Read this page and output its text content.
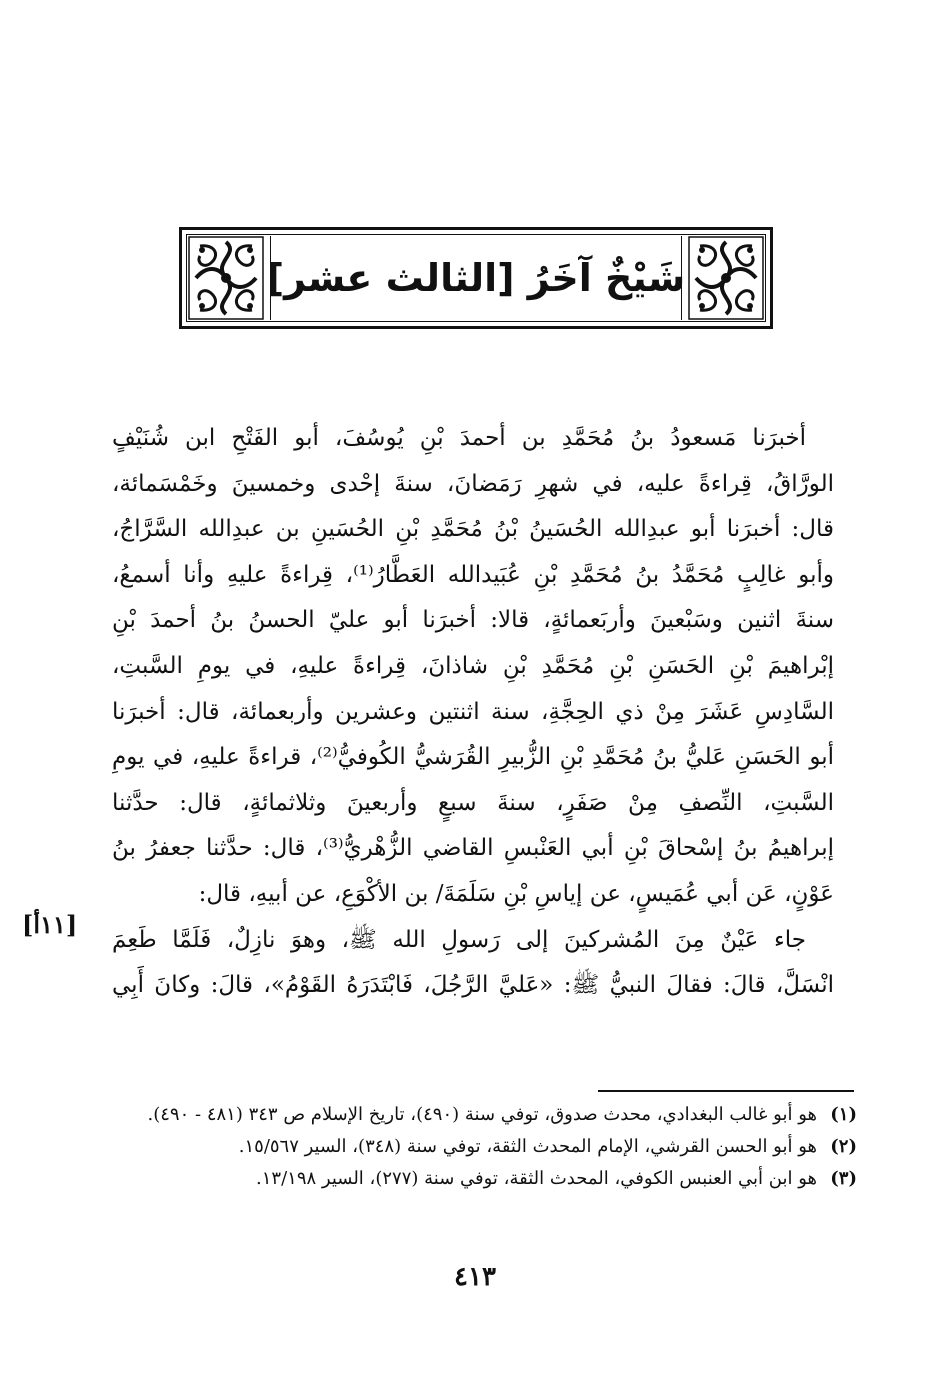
شَيْخٌ آخَرُ [الثالث عشر]
أخبرَنا مَسعودُ بنُ مُحَمَّدِ بن أحمدَ بْنِ يُوسُفَ، أبو الفَتْحِ ابن شُنَيْفٍ
الورَّاقُ، قِراءةً عليه، في شهرِ رَمَضانَ، سنةَ إحْدى وخمسينَ وخَمْسَمائة،
قال: أخبرَنا أبو عبدِالله الحُسَينُ بْنُ مُحَمَّدِ بْنِ الحُسَينِ بن عبدِالله السَّرَّاجُ،
وأبو غالِبٍ مُحَمَّدُ بنُ مُحَمَّدِ بْنِ عُبَيدالله العَطَّارُ⁽¹⁾، قِراءةً عليهِ وأنا أسمعُ،
سنةَ اثنين وسَبْعينَ وأربَعمائةٍ، قالا: أخبرَنا أبو عليّ الحسنُ بنُ أحمدَ بْنِ
إبْراهيمَ بْنِ الحَسَنِ بْنِ مُحَمَّدِ بْنِ شاذانَ، قِراءةً عليهِ، في يومِ السَّبتِ،
السَّادِسِ عَشَرَ مِنْ ذي الحِجَّةِ، سنة اثنتين وعشرين وأربعمائة، قال: أخبرَنا
أبو الحَسَنِ عَليُّ بنُ مُحَمَّدِ بْنِ الزُّبيرِ القُرَشيُّ الكُوفيُّ⁽²⁾، قراءةً عليهِ، في يومِ
السَّبتِ، النِّصفِ مِنْ صَفَرٍ، سنةَ سبعٍ وأربعينَ وثلاثمائةٍ، قال: حدَّثنا
إبراهيمُ بنُ إسْحاقَ بْنِ أبي العَنْبسِ القاضي الزُّهْريُّ⁽³⁾، قال: حدَّثنا جعفرُ بنُ
عَوْنٍ، عَن أبي عُمَيسٍ، عن إياسِ بْنِ سَلَمَةَ/ بن الأكْوَعِ، عن أبيهِ، قال:
جاء عَيْنٌ مِنَ المُشركينَ إلى رَسولِ الله ﷺ، وهوَ نازِلٌ، فَلَمَّا طَعِمَ
انْسَلَّ، قالَ: فقالَ النبيُّ ﷺ: «عَليَّ الرَّجُلَ، فَابْتَدَرَهُ القَوْمُ»، قالَ: وكانَ أَبِي
[١١أ]
(١)
هو أبو غالب البغدادي، محدث صدوق، توفي سنة (٤٩٠)، تاريخ الإسلام ص ٣٤٣ (٤٨١ - ٤٩٠).
(٢)
هو أبو الحسن القرشي، الإمام المحدث الثقة، توفي سنة (٣٤٨)، السير ١٥/٥٦٧.
(٣)
هو ابن أبي العنبس الكوفي، المحدث الثقة، توفي سنة (٢٧٧)، السير ١٣/١٩٨.
٤١٣
